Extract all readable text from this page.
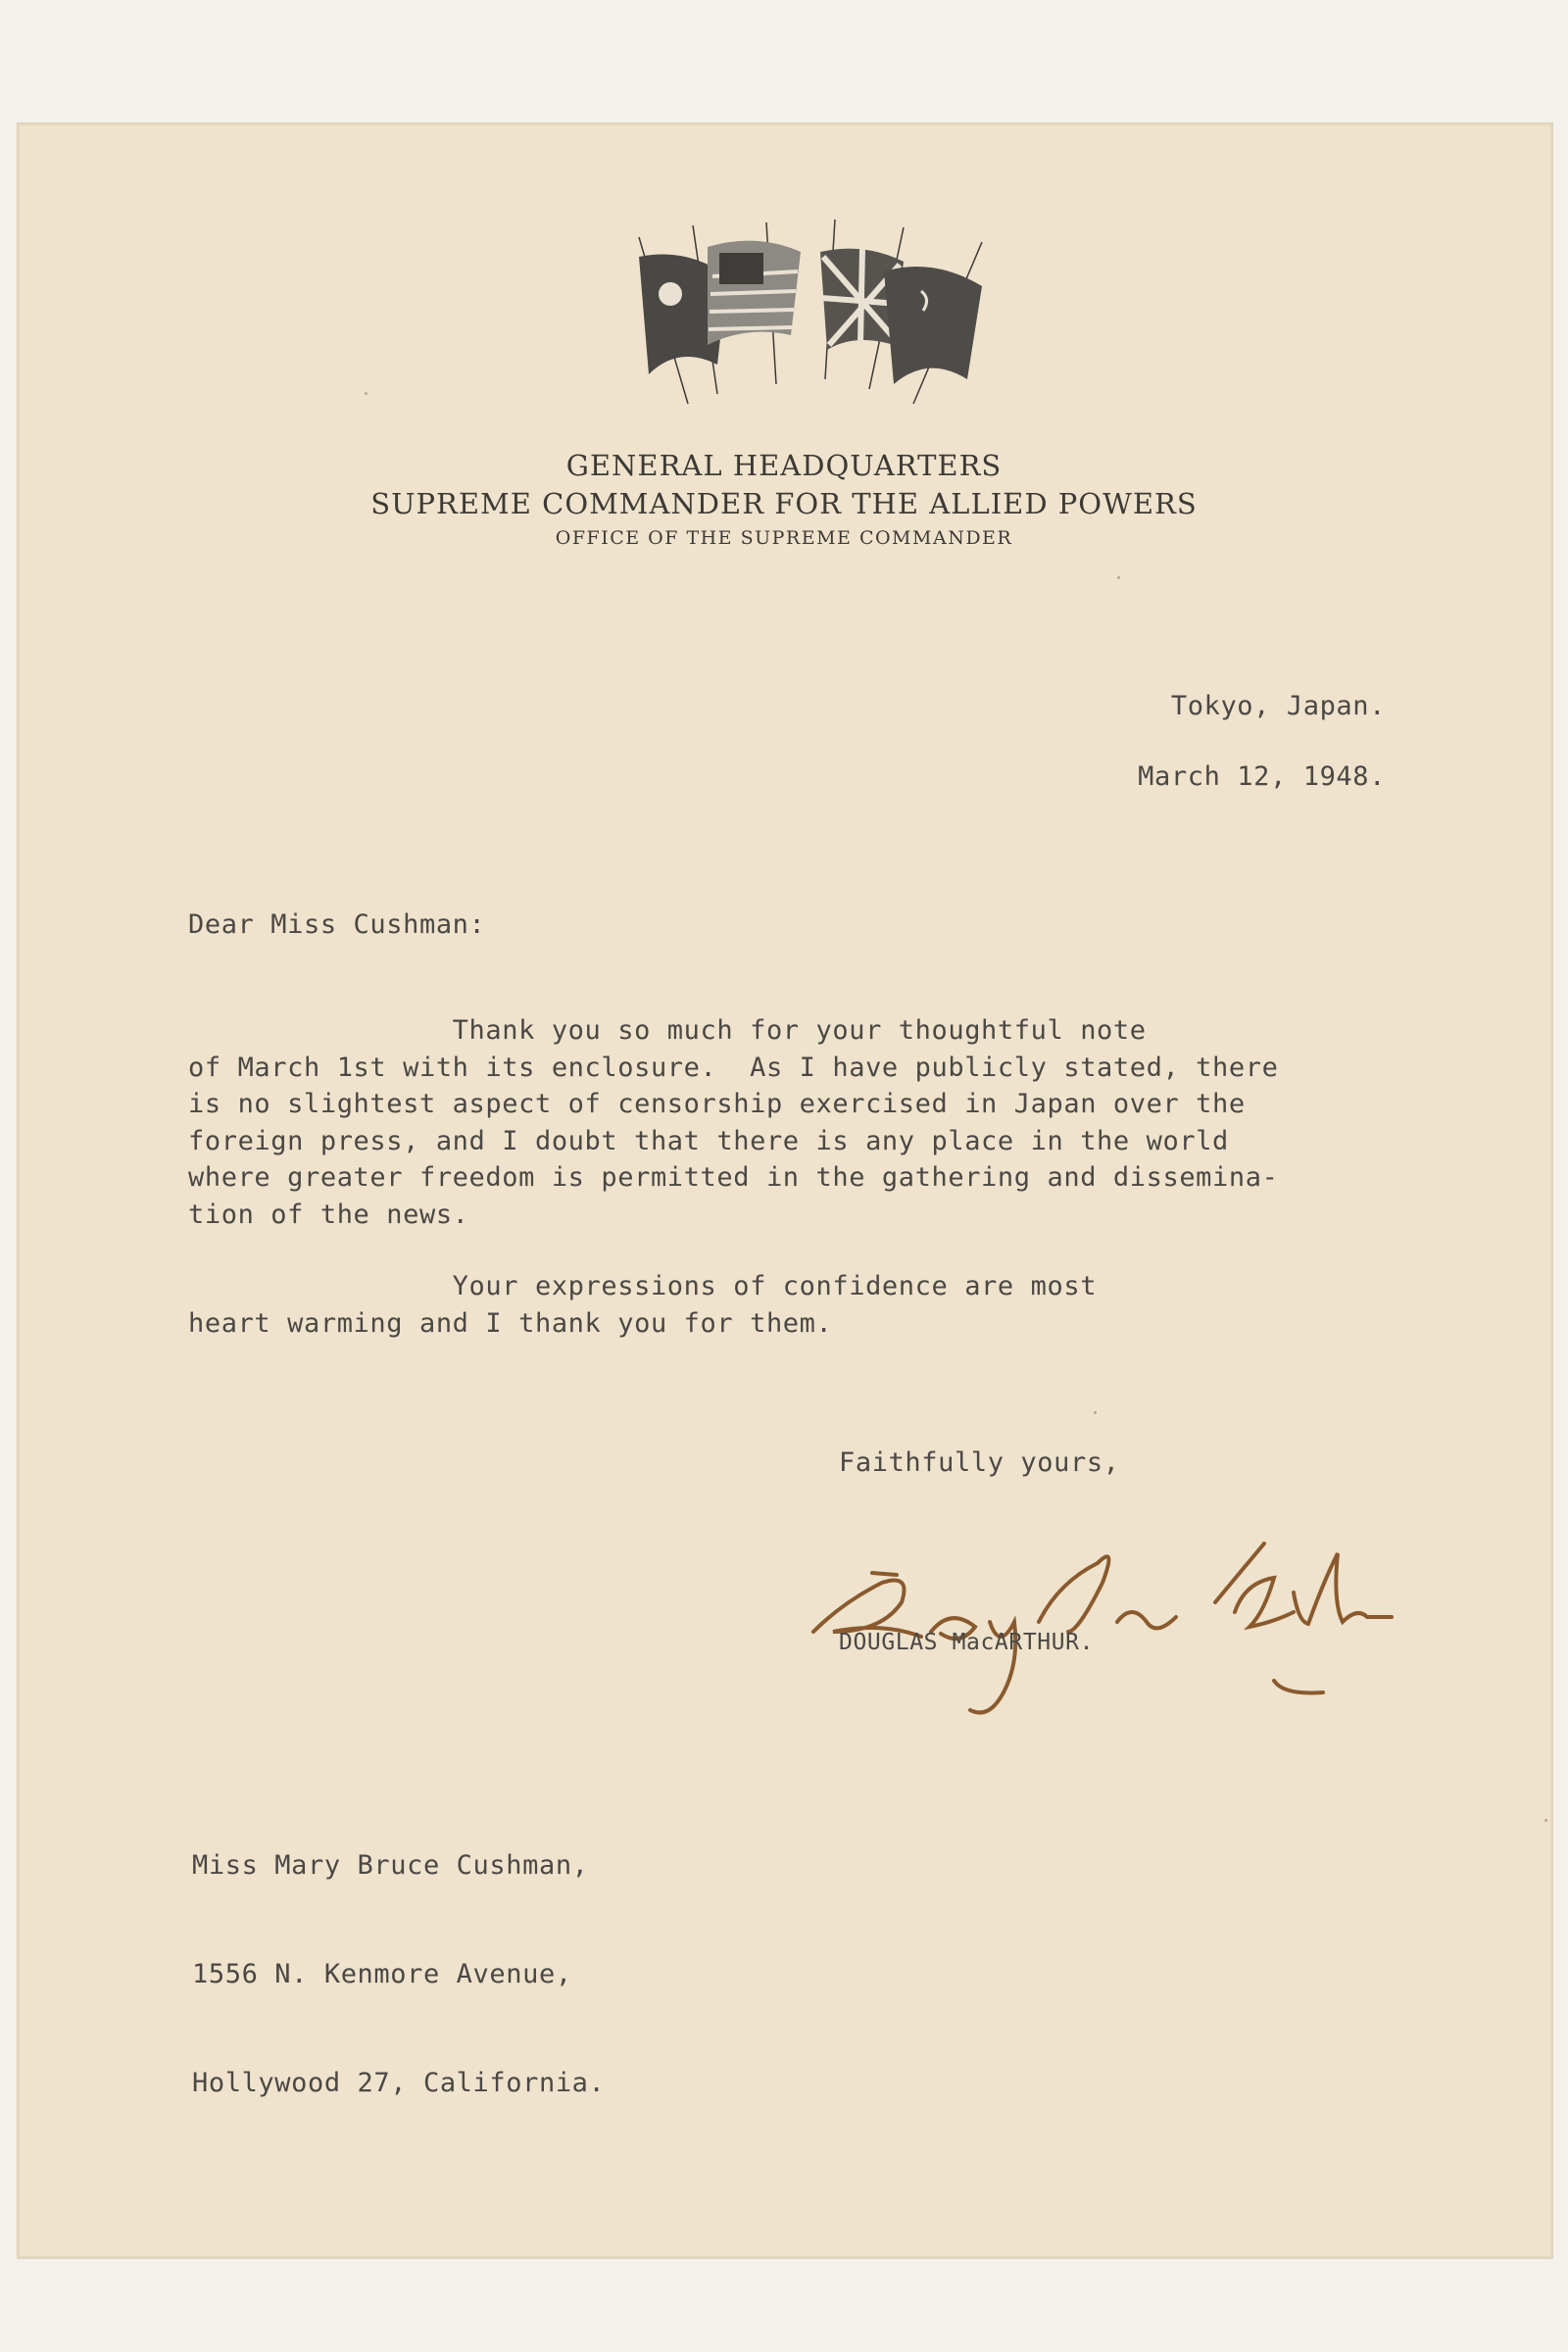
GENERAL HEADQUARTERS
SUPREME COMMANDER FOR THE ALLIED POWERS
OFFICE OF THE SUPREME COMMANDER
Tokyo, Japan.
March 12, 1948.
Dear Miss Cushman:
Thank you so much for your thoughtful note
of March 1st with its enclosure.  As I have publicly stated, there
is no slightest aspect of censorship exercised in Japan over the
foreign press, and I doubt that there is any place in the world
where greater freedom is permitted in the gathering and dissemina-
tion of the news.
Your expressions of confidence are most
heart warming and I thank you for them.
Faithfully yours,
DOUGLAS MacARTHUR.

Miss Mary Bruce Cushman,

1556 N. Kenmore Avenue,

Hollywood 27, California.
